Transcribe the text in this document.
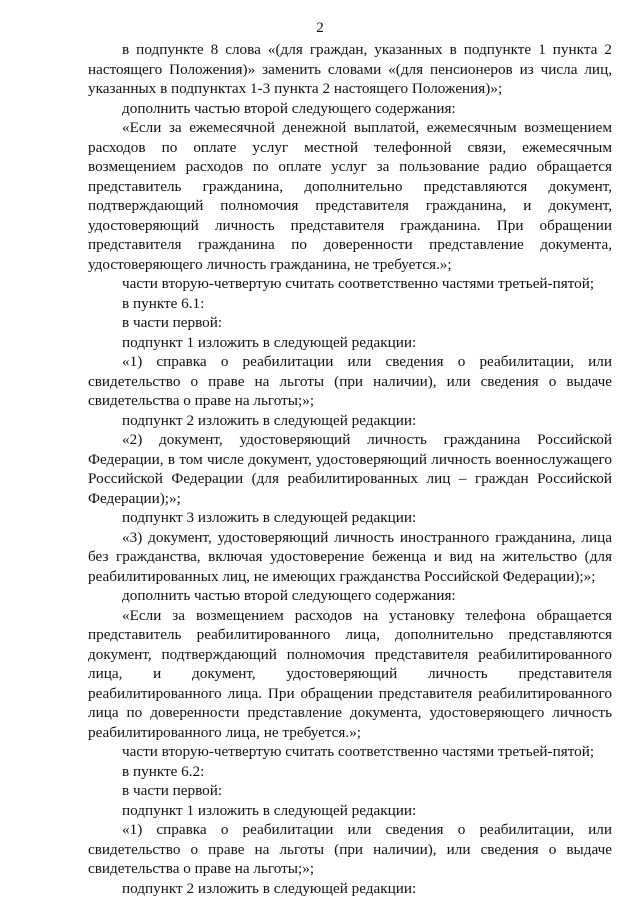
2

в подпункте 8 слова «(для граждан, указанных в подпункте 1 пункта 2 настоящего Положения)» заменить словами «(для пенсионеров из числа лиц, указанных в подпунктах 1-3 пункта 2 настоящего Положения)»;

дополнить частью второй следующего содержания:

«Если за ежемесячной денежной выплатой, ежемесячным возмещением расходов по оплате услуг местной телефонной связи, ежемесячным возмещением расходов по оплате услуг за пользование радио обращается представитель гражданина, дополнительно представляются документ, подтверждающий полномочия представителя гражданина, и документ, удостоверяющий личность представителя гражданина. При обращении представителя гражданина по доверенности представление документа, удостоверяющего личность гражданина, не требуется.»;

части вторую-четвертую считать соответственно частями третьей-пятой;

в пункте 6.1:

в части первой:

подпункт 1 изложить в следующей редакции:

«1) справка о реабилитации или сведения о реабилитации, или свидетельство о праве на льготы (при наличии), или сведения о выдаче свидетельства о праве на льготы;»;

подпункт 2 изложить в следующей редакции:

«2) документ, удостоверяющий личность гражданина Российской Федерации, в том числе документ, удостоверяющий личность военнослужащего Российской Федерации (для реабилитированных лиц – граждан Российской Федерации);»;

подпункт 3 изложить в следующей редакции:

«3) документ, удостоверяющий личность иностранного гражданина, лица без гражданства, включая удостоверение беженца и вид на жительство (для реабилитированных лиц, не имеющих гражданства Российской Федерации);»;

дополнить частью второй следующего содержания:

«Если за возмещением расходов на установку телефона обращается представитель реабилитированного лица, дополнительно представляются документ, подтверждающий полномочия представителя реабилитированного лица, и документ, удостоверяющий личность представителя реабилитированного лица. При обращении представителя реабилитированного лица по доверенности представление документа, удостоверяющего личность реабилитированного лица, не требуется.»;

части вторую-четвертую считать соответственно частями третьей-пятой;

в пункте 6.2:

в части первой:

подпункт 1 изложить в следующей редакции:

«1) справка о реабилитации или сведения о реабилитации, или свидетельство о праве на льготы (при наличии), или сведения о выдаче свидетельства о праве на льготы;»;

подпункт 2 изложить в следующей редакции:
